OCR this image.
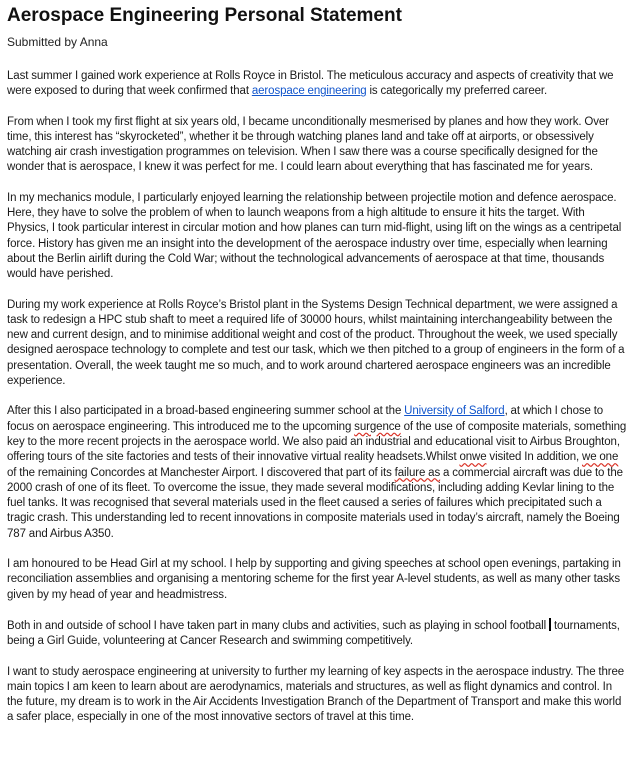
Aerospace Engineering Personal Statement
Submitted by Anna

Last summer I gained work experience at Rolls Royce in Bristol. The meticulous accuracy and aspects of creativity that we were exposed to during that week confirmed that aerospace engineering is categorically my preferred career.

From when I took my first flight at six years old, I became unconditionally mesmerised by planes and how they work. Over time, this interest has “skyrocketed”, whether it be through watching planes land and take off at airports, or obsessively watching air crash investigation programmes on television. When I saw there was a course specifically designed for the wonder that is aerospace, I knew it was perfect for me. I could learn about everything that has fascinated me for years.

In my mechanics module, I particularly enjoyed learning the relationship between projectile motion and defence aerospace. Here, they have to solve the problem of when to launch weapons from a high altitude to ensure it hits the target. With Physics, I took particular interest in circular motion and how planes can turn mid-flight, using lift on the wings as a centripetal force. History has given me an insight into the development of the aerospace industry over time, especially when learning about the Berlin airlift during the Cold War; without the technological advancements of aerospace at that time, thousands would have perished.

During my work experience at Rolls Royce’s Bristol plant in the Systems Design Technical department, we were assigned a task to redesign a HPC stub shaft to meet a required life of 30000 hours, whilst maintaining interchangeability between the new and current design, and to minimise additional weight and cost of the product. Throughout the week, we used specially designed aerospace technology to complete and test our task, which we then pitched to a group of engineers in the form of a presentation. Overall, the week taught me so much, and to work around chartered aerospace engineers was an incredible experience.

After this I also participated in a broad-based engineering summer school at the University of Salford, at which I chose to focus on aerospace engineering. This introduced me to the upcoming surgence of the use of composite materials, something key to the more recent projects in the aerospace world. We also paid an industrial and educational visit to Airbus Broughton, offering tours of the site factories and tests of their innovative virtual reality headsets.Whilst onwe visited In addition, we one of the remaining Concordes at Manchester Airport. I discovered that part of its failure as a commercial aircraft was due to the 2000 crash of one of its fleet. To overcome the issue, they made several modifications, including adding Kevlar lining to the fuel tanks. It was recognised that several materials used in the fleet caused a series of failures which precipitated such a tragic crash. This understanding led to recent innovations in composite materials used in today’s aircraft, namely the Boeing 787 and Airbus A350.

I am honoured to be Head Girl at my school. I help by supporting and giving speeches at school open evenings, partaking in reconciliation assemblies and organising a mentoring scheme for the first year A-level students, as well as many other tasks given by my head of year and headmistress.

Both in and outside of school I have taken part in many clubs and activities, such as playing in school football tournaments, being a Girl Guide, volunteering at Cancer Research and swimming competitively.

I want to study aerospace engineering at university to further my learning of key aspects in the aerospace industry. The three main topics I am keen to learn about are aerodynamics, materials and structures, as well as flight dynamics and control. In the future, my dream is to work in the Air Accidents Investigation Branch of the Department of Transport and make this world a safer place, especially in one of the most innovative sectors of travel at this time.
